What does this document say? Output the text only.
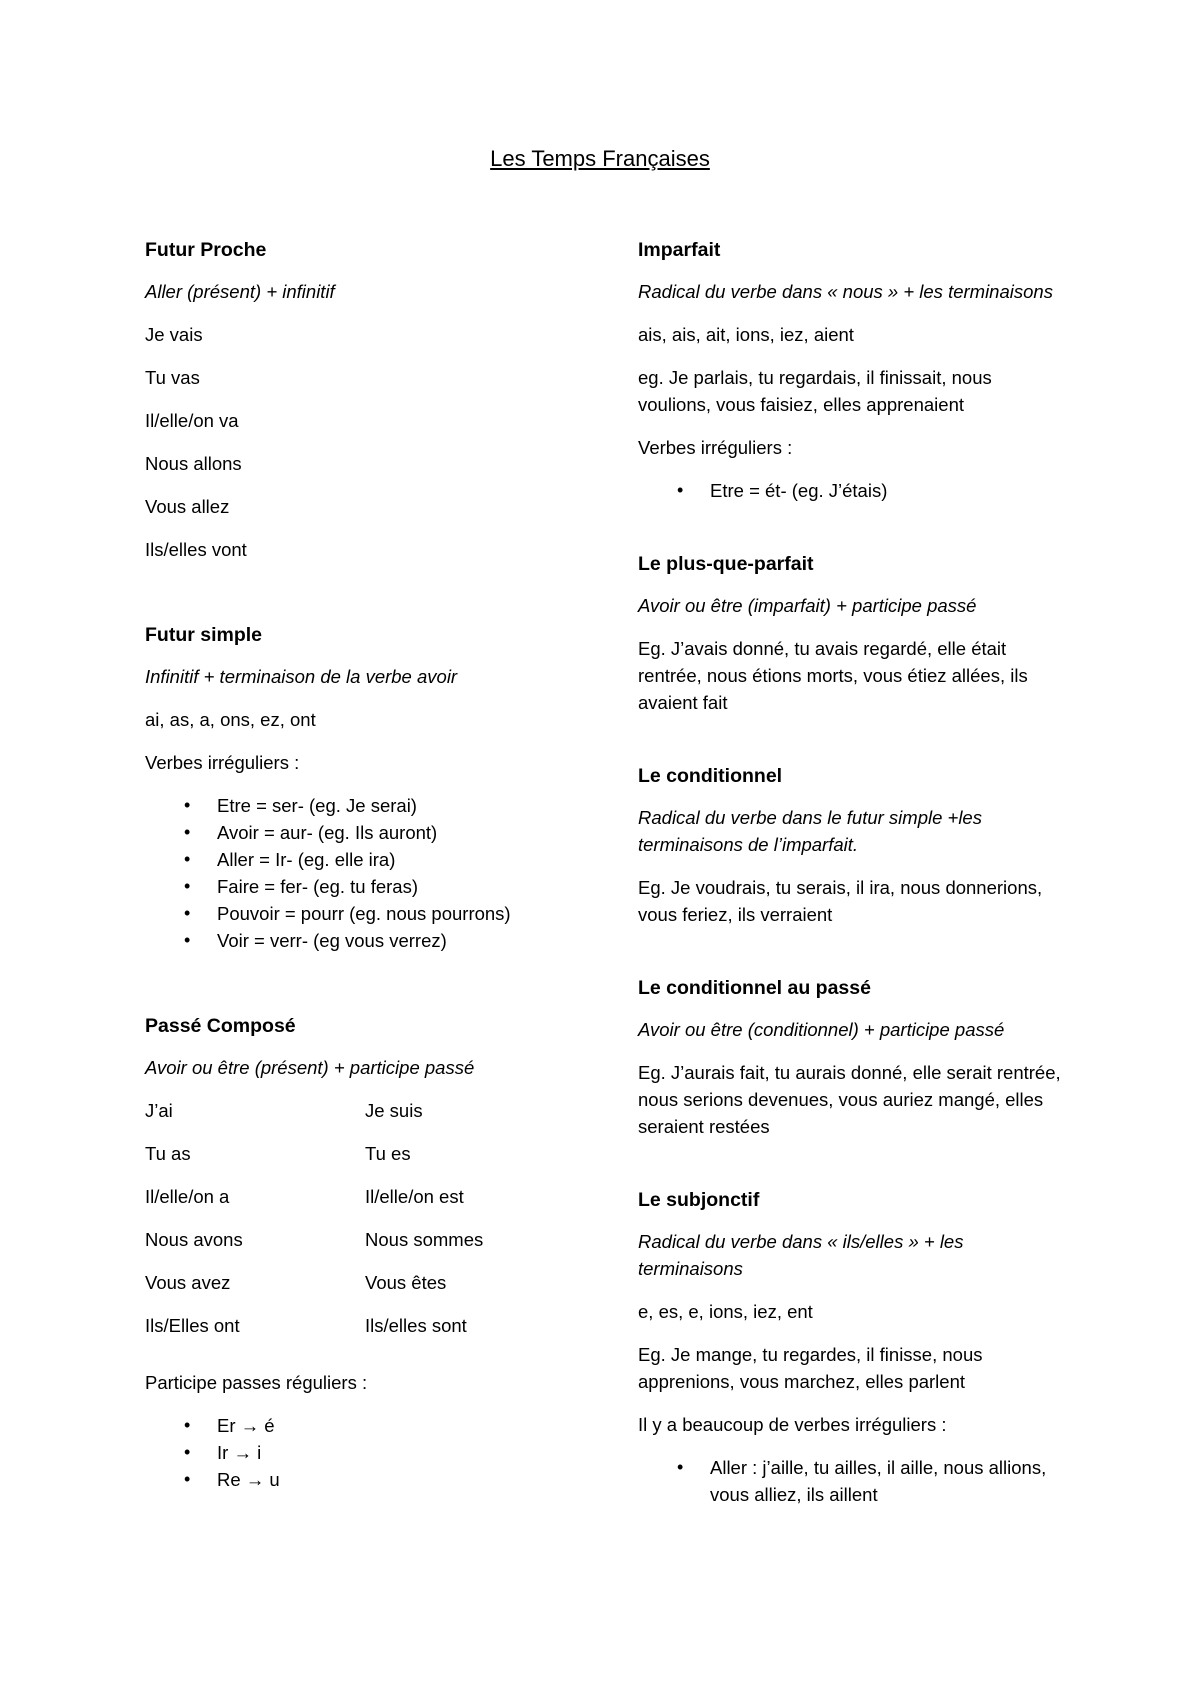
Les Temps Françaises
Futur Proche

Aller (présent) + infinitif

Je vais

Tu vas

Il/elle/on va

Nous allons

Vous allez

Ils/elles vont

Futur simple

Infinitif + terminaison de la verbe avoir

ai, as, a, ons, ez, ont

Verbes irréguliers :

• Etre = ser- (eg. Je serai)
• Avoir = aur- (eg. Ils auront)
• Aller = Ir- (eg. elle ira)
• Faire = fer- (eg. tu feras)
• Pouvoir = pourr (eg. nous pourrons)
• Voir = verr- (eg vous verrez)
Passé Composé

Avoir ou être (présent) + participe passé

J’ai	Je suis
Tu as	Tu es
Il/elle/on a	Il/elle/on est
Nous avons	Nous sommes
Vous avez	Vous êtes
Ils/Elles ont	Ils/elles sont

Participe passes réguliers :

• Er → é
• Ir → i
• Re → u
Imparfait

Radical du verbe dans « nous » + les terminaisons

ais, ais, ait, ions, iez, aient

eg. Je parlais, tu regardais, il finissait, nous voulions, vous faisiez, elles apprenaient

Verbes irréguliers :

• Etre = ét- (eg. J’étais)
Le plus-que-parfait

Avoir ou être (imparfait) + participe passé

Eg. J’avais donné, tu avais regardé, elle était rentrée, nous étions morts, vous étiez allées, ils avaient fait

Le conditionnel

Radical du verbe dans le futur simple +les terminaisons de l’imparfait.

Eg. Je voudrais, tu serais, il ira, nous donnerions, vous feriez, ils verraient

Le conditionnel au passé

Avoir ou être (conditionnel) + participe passé

Eg. J’aurais fait, tu aurais donné, elle serait rentrée, nous serions devenues, vous auriez mangé, elles seraient restées

Le subjonctif

Radical du verbe dans « ils/elles » + les terminaisons

e, es, e, ions, iez, ent

Eg. Je mange, tu regardes, il finisse, nous apprenions, vous marchez, elles parlent

Il y a beaucoup de verbes irréguliers :

• Aller : j’aille, tu ailles, il aille, nous allions, vous alliez, ils aillent
